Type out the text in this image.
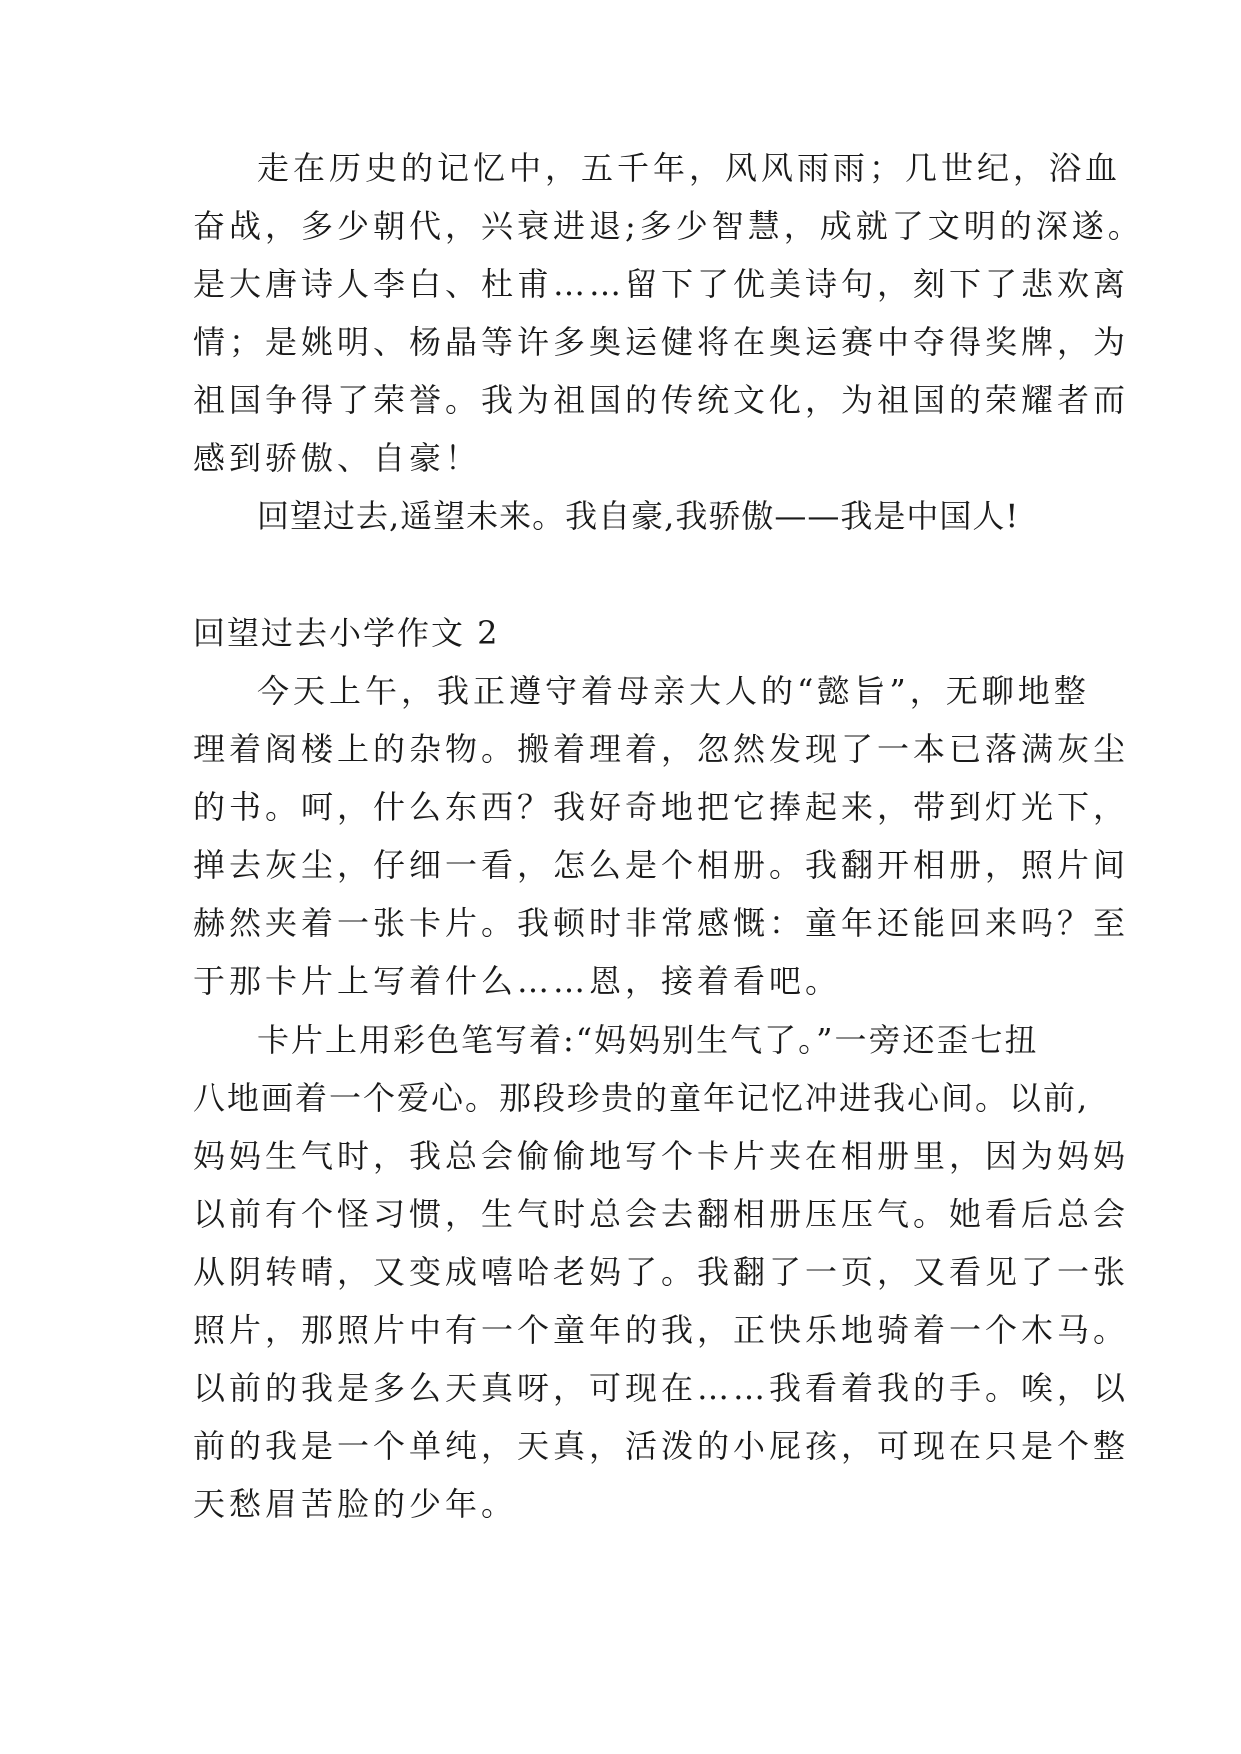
走在历史的记忆中，五千年，风风雨雨；几世纪，浴血
奋战，多少朝代，兴衰进退;多少智慧，成就了文明的深遂。
是大唐诗人李白、杜甫……留下了优美诗句，刻下了悲欢离
情；是姚明、杨晶等许多奥运健将在奥运赛中夺得奖牌，为
祖国争得了荣誉。我为祖国的传统文化，为祖国的荣耀者而
感到骄傲、自豪！
回望过去,遥望未来。我自豪,我骄傲——我是中国人!
回望过去小学作文 2
今天上午，我正遵守着母亲大人的“懿旨”，无聊地整
理着阁楼上的杂物。搬着理着，忽然发现了一本已落满灰尘
的书。呵，什么东西？我好奇地把它捧起来，带到灯光下，
掸去灰尘，仔细一看，怎么是个相册。我翻开相册，照片间
赫然夹着一张卡片。我顿时非常感慨：童年还能回来吗？至
于那卡片上写着什么……恩，接着看吧。
卡片上用彩色笔写着:“妈妈别生气了。”一旁还歪七扭
八地画着一个爱心。那段珍贵的童年记忆冲进我心间。以前,
妈妈生气时，我总会偷偷地写个卡片夹在相册里，因为妈妈
以前有个怪习惯，生气时总会去翻相册压压气。她看后总会
从阴转晴，又变成嘻哈老妈了。我翻了一页，又看见了一张
照片，那照片中有一个童年的我，正快乐地骑着一个木马。
以前的我是多么天真呀，可现在……我看着我的手。唉，以
前的我是一个单纯，天真，活泼的小屁孩，可现在只是个整
天愁眉苦脸的少年。
